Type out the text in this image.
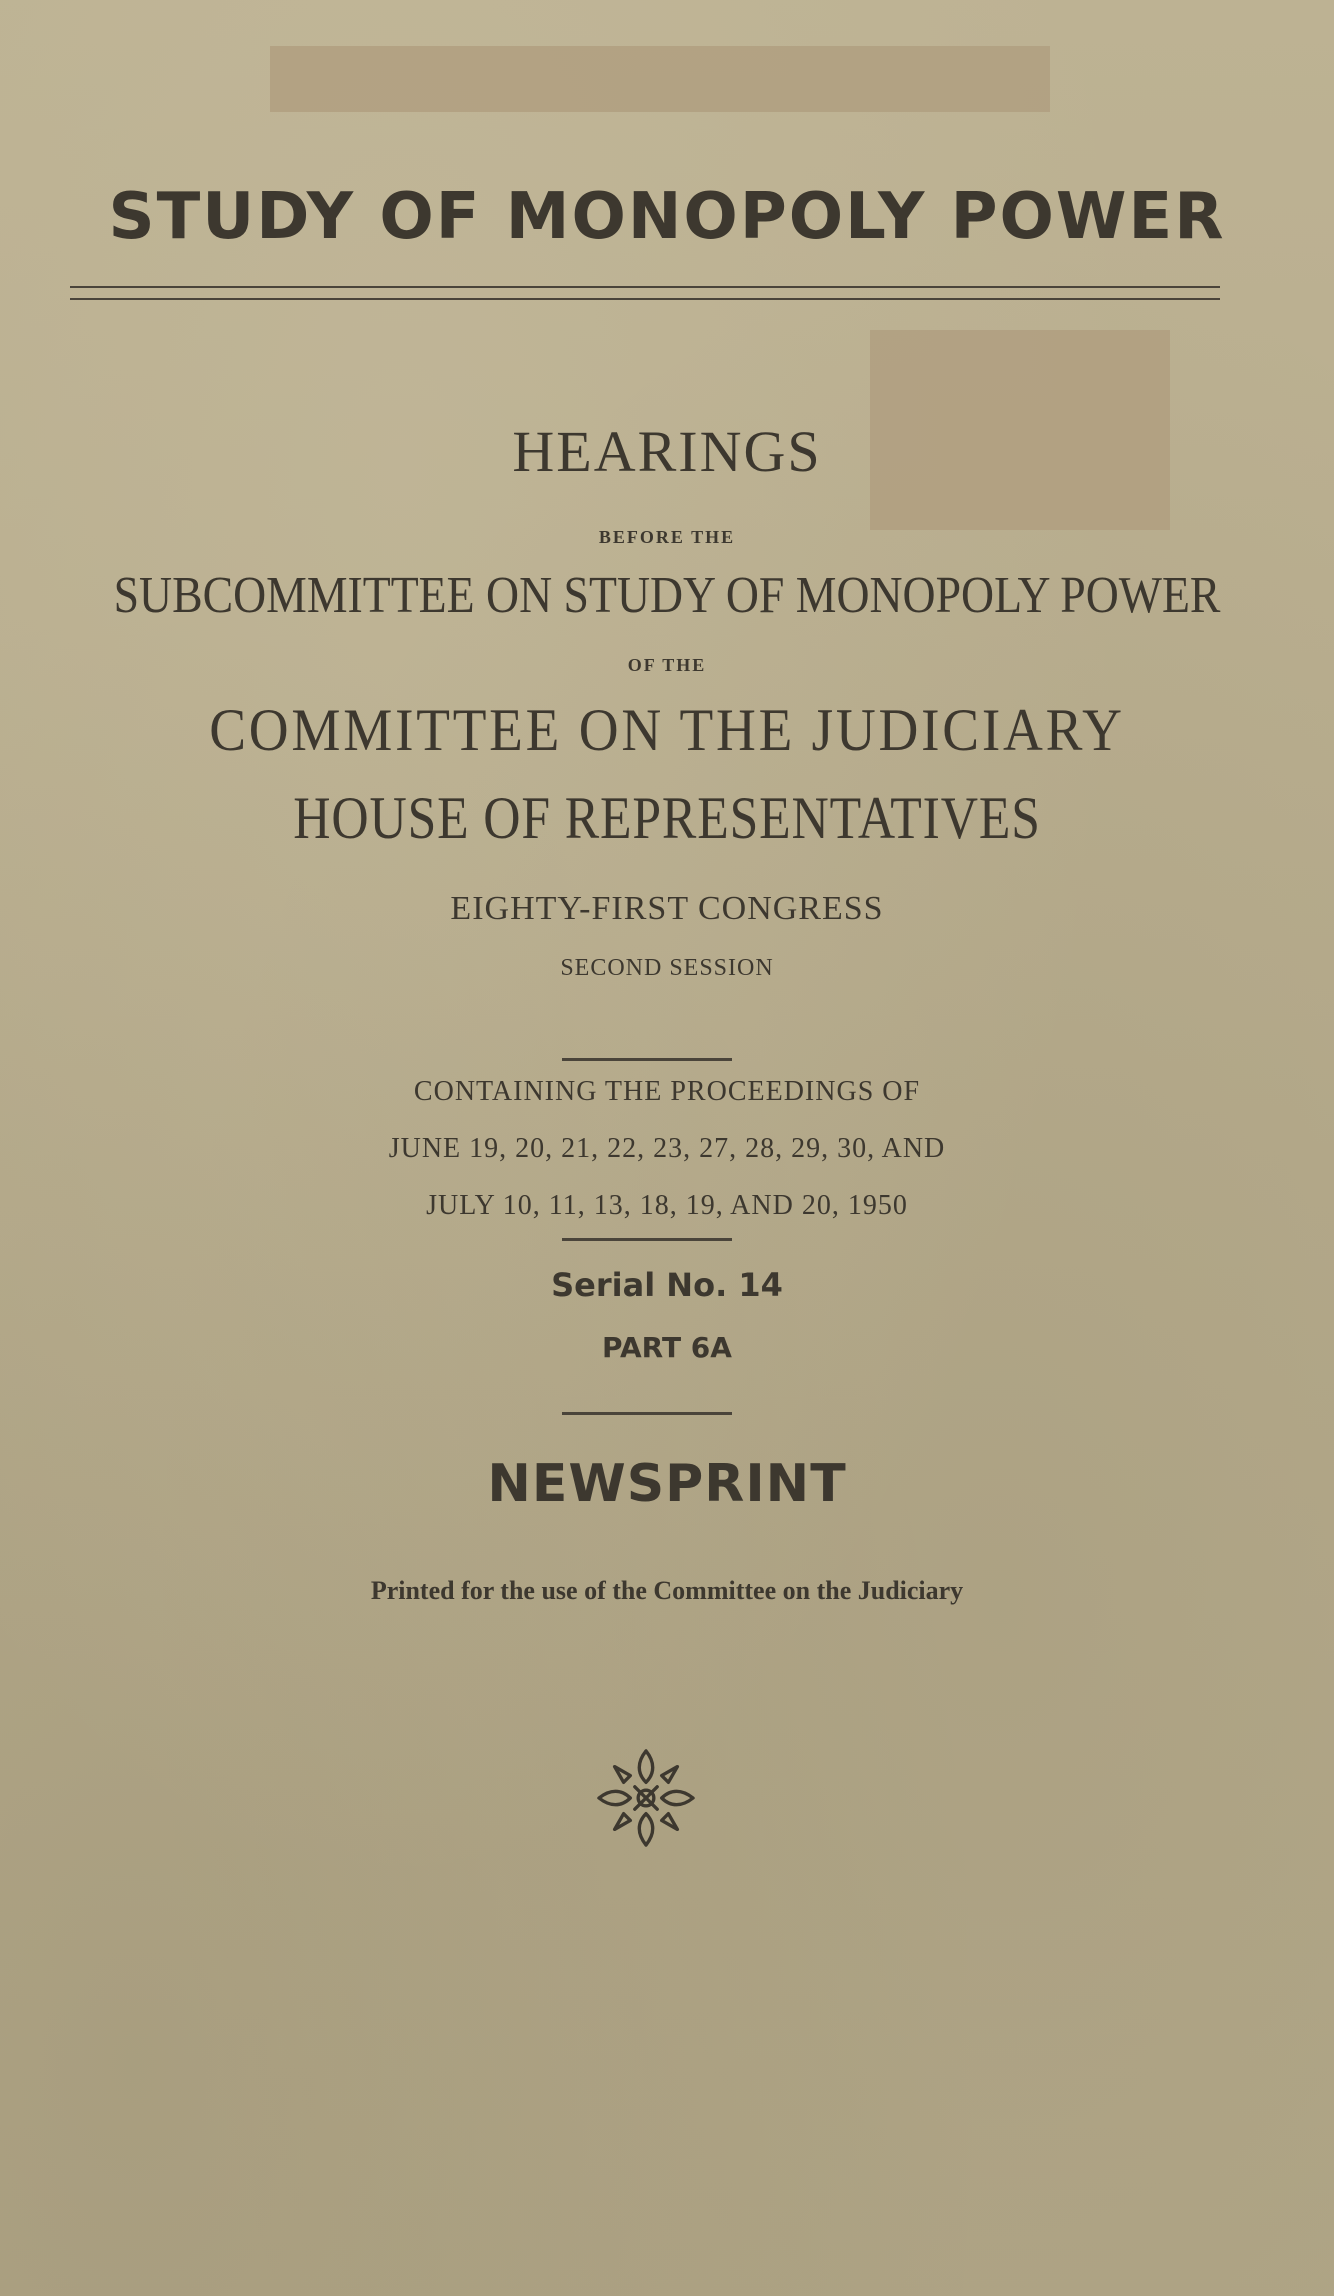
STUDY OF MONOPOLY POWER
HEARINGS
BEFORE THE
SUBCOMMITTEE ON STUDY OF MONOPOLY POWER
OF THE
COMMITTEE ON THE JUDICIARY
HOUSE OF REPRESENTATIVES
EIGHTY-FIRST CONGRESS
SECOND SESSION
CONTAINING THE PROCEEDINGS OF
JUNE 19, 20, 21, 22, 23, 27, 28, 29, 30, AND
JULY 10, 11, 13, 18, 19, AND 20, 1950
Serial No. 14
PART 6A
NEWSPRINT
Printed for the use of the Committee on the Judiciary
